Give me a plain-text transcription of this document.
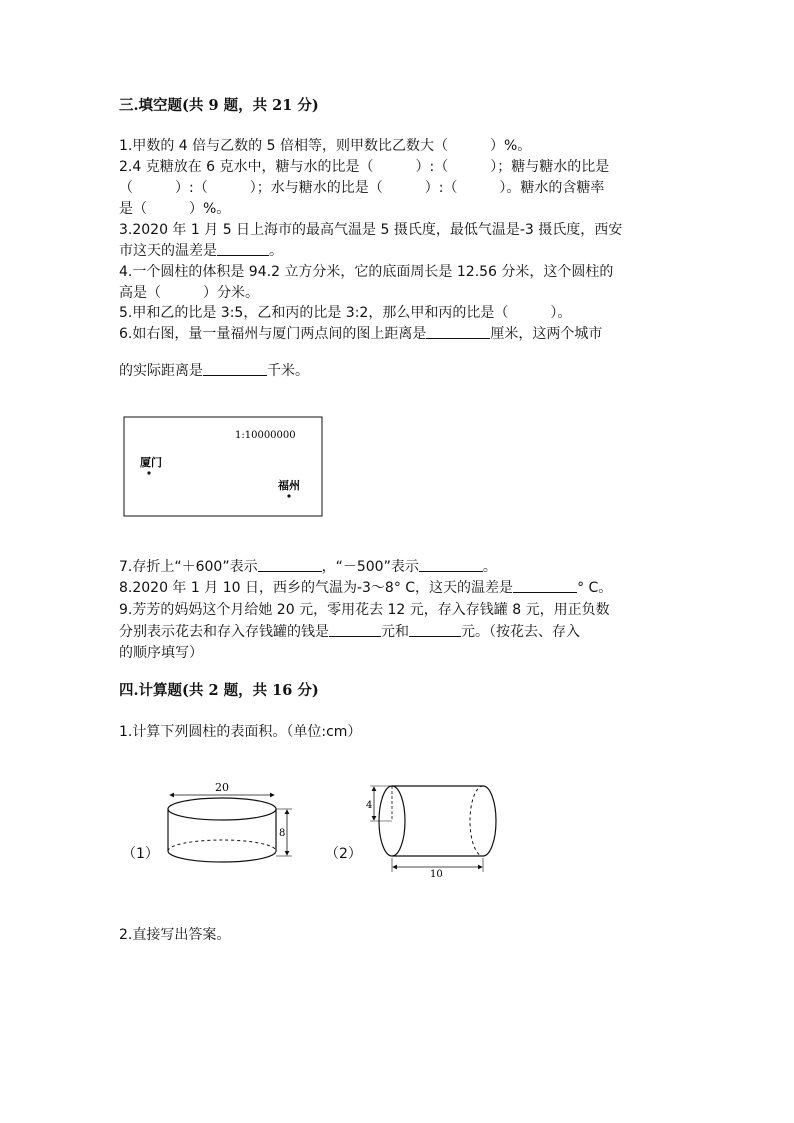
三.填空题(共 9 题，共 21 分)
1.甲数的 4 倍与乙数的 5 倍相等，则甲数比乙数大（　　　）%。
2.4 克糖放在 6 克水中，糖与水的比是（　　　）:（　　　）；糖与糖水的比是
（　　　）:（　　　）；水与糖水的比是（　　　）:（　　　）。糖水的含糖率
是（　　　）%。
3.2020 年 1 月 5 日上海市的最高气温是 5 摄氏度，最低气温是-3 摄氏度，西安
市这天的温差是	。
4.一个圆柱的体积是 94.2 立方分米，它的底面周长是 12.56 分米，这个圆柱的
高是（　　　）分米。
5.甲和乙的比是 3:5，乙和丙的比是 3:2，那么甲和丙的比是（　　　）。
6.如右图，量一量福州与厦门两点间的图上距离是	厘米，这两个城市
的实际距离是	千米。
1:10000000
厦门
福州
7.存折上“＋600”表示	，“－500”表示	。
8.2020 年 1 月 10 日，西乡的气温为-3～8° C，这天的温差是	° C。
9.芳芳的妈妈这个月给她 20 元，零用花去 12 元，存入存钱罐 8 元，用正负数
分别表示花去和存入存钱罐的钱是	元和	元。（按花去、存入
的顺序填写）
四.计算题(共 2 题，共 16 分)
1.计算下列圆柱的表面积。（单位:cm）
（1）
20
8
（2）
4
10
2.直接写出答案。
